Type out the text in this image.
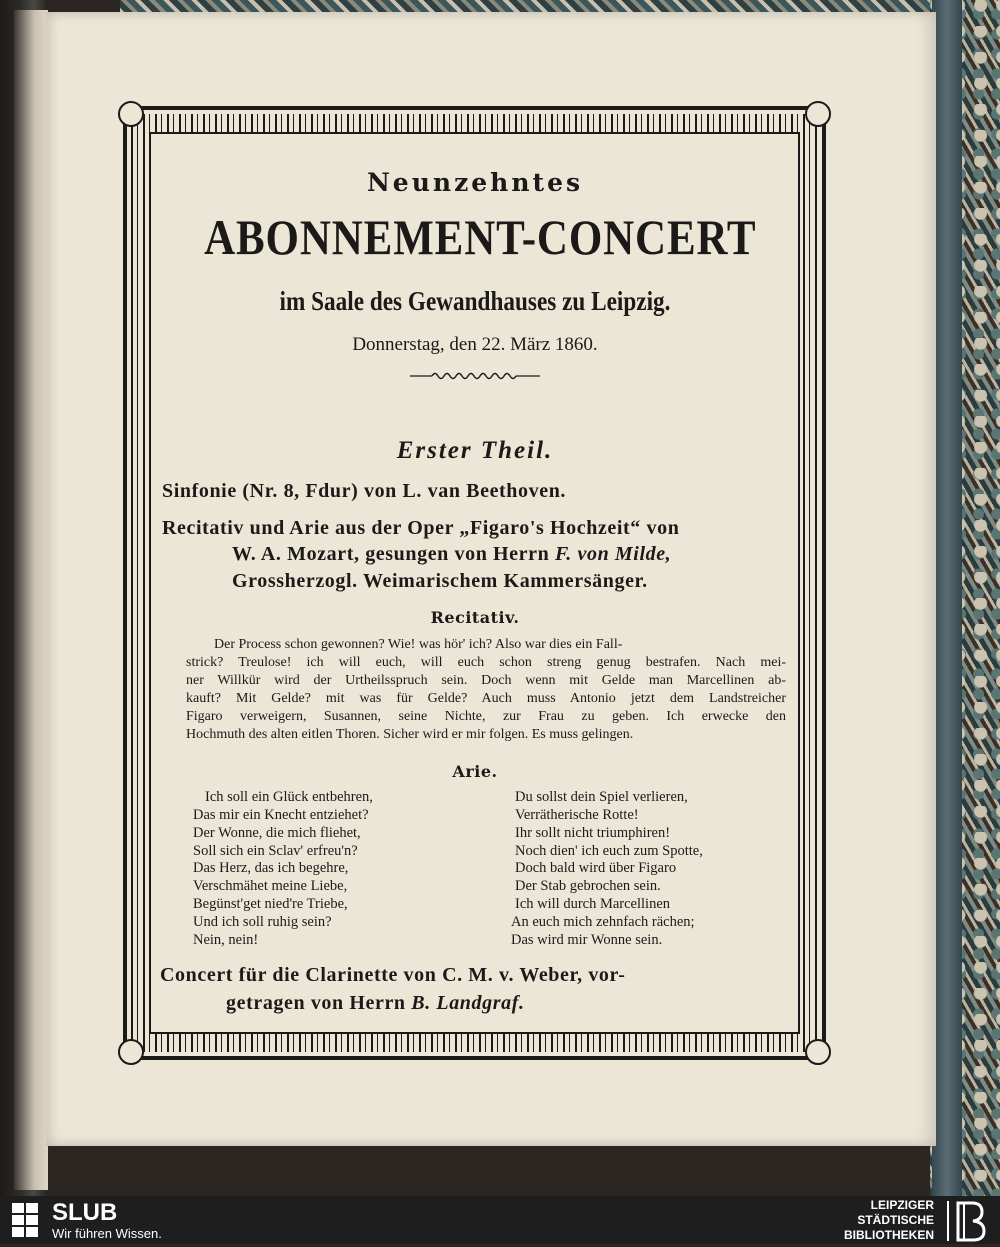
Neunzehntes
ABONNEMENT-CONCERT
im Saale des Gewandhauses zu Leipzig.
Donnerstag, den 22. März 1860.
Erster Theil.
Sinfonie (Nr. 8, Fdur) von L. van Beethoven.
Recitativ und Arie aus der Oper „Figaro's Hochzeit“ von
W. A. Mozart, gesungen von Herrn F. von Milde,
Grossherzogl. Weimarischem Kammersänger.
Recitativ.
Der Process schon gewonnen? Wie! was hör' ich? Also war dies ein Fall-
strick? Treulose! ich will euch, will euch schon streng genug bestrafen. Nach mei-
ner Willkür wird der Urtheilsspruch sein. Doch wenn mit Gelde man Marcellinen ab-
kauft? Mit Gelde? mit was für Gelde? Auch muss Antonio jetzt dem Landstreicher
Figaro verweigern, Susannen, seine Nichte, zur Frau zu geben. Ich erwecke den
Hochmuth des alten eitlen Thoren. Sicher wird er mir folgen. Es muss gelingen.
Arie.
Ich soll ein Glück entbehren,
Das mir ein Knecht entziehet?
Der Wonne, die mich fliehet,
Soll sich ein Sclav' erfreu'n?
Das Herz, das ich begehre,
Verschmähet meine Liebe,
Begünst'get nied're Triebe,
Und ich soll ruhig sein?
Nein, nein!
Du sollst dein Spiel verlieren,
Verrätherische Rotte!
Ihr sollt nicht triumphiren!
Noch dien' ich euch zum Spotte,
Doch bald wird über Figaro
Der Stab gebrochen sein.
Ich will durch Marcellinen
An euch mich zehnfach rächen;
Das wird mir Wonne sein.
Concert für die Clarinette von C. M. v. Weber, vor-
getragen von Herrn B. Landgraf.
SLUB
Wir führen Wissen.
LEIPZIGER
STÄDTISCHE
BIBLIOTHEKEN
